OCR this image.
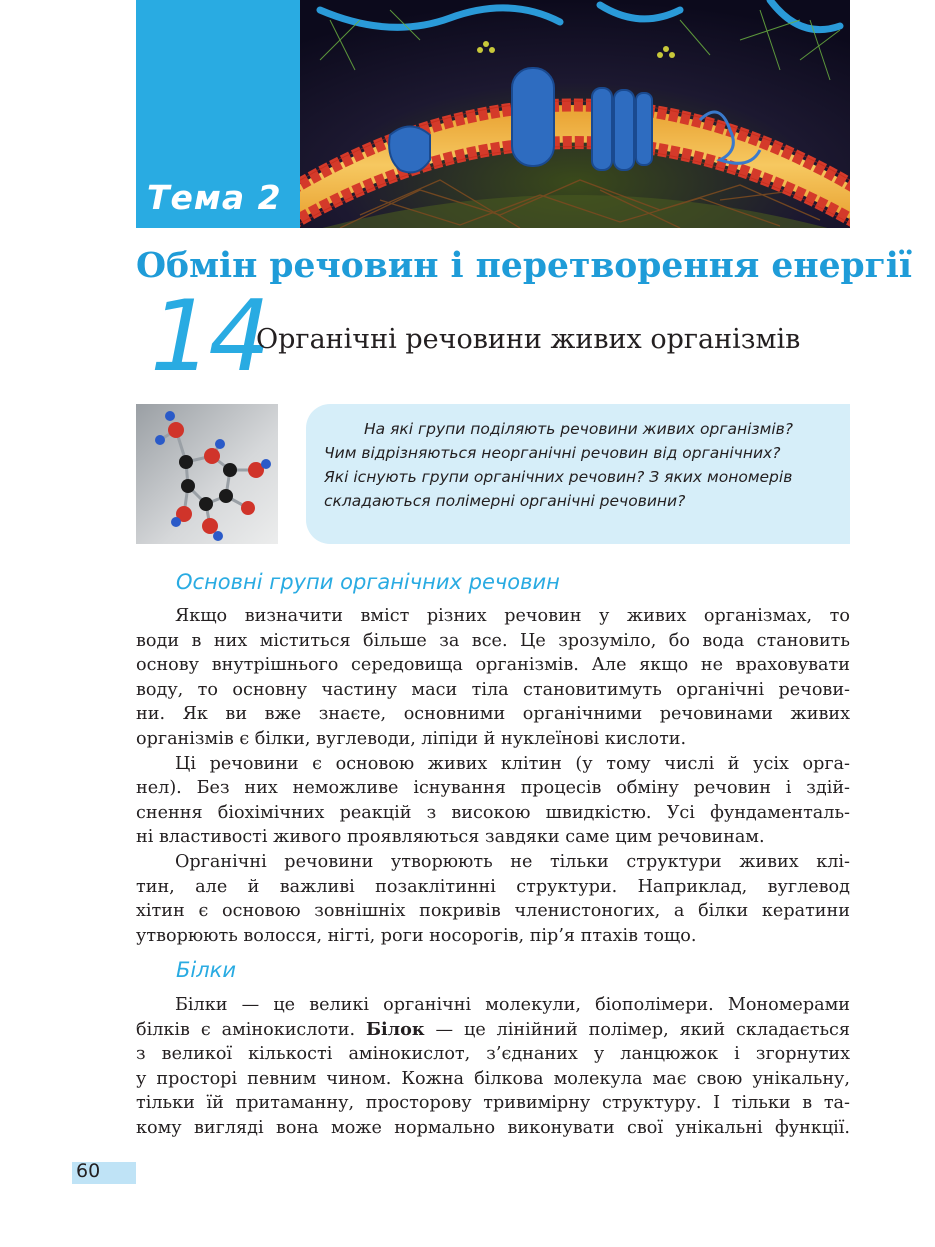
Тема 2
Обмін речовин і перетворення енергії
14
Органічні речовини живих організмів
На які групи поділяють речовини живих організмів?
Чим відрізняються неорганічні речовин від органічних?
Які існують групи органічних речовин? З яких мономерів
складаються полімерні органічні речовини?
Основні групи органічних речовин
Якщо визначити вміст різних речовин у живих організмах, то
води в них міститься більше за все. Це зрозуміло, бо вода становить
основу внутрішнього середовища організмів. Але якщо не враховувати
воду, то основну частину маси тіла становитимуть органічні речови-
ни. Як ви вже знаєте, основними органічними речовинами живих
організмів є білки, вуглеводи, ліпіди й нуклеїнові кислоти.
Ці речовини є основою живих клітин (у тому числі й усіх орга-
нел). Без них неможливе існування процесів обміну речовин і здій-
снення біохімічних реакцій з високою швидкістю. Усі фундаменталь-
ні властивості живого проявляються завдяки саме цим речовинам.
Органічні речовини утворюють не тільки структури живих клі-
тин, але й важливі позаклітинні структури. Наприклад, вуглевод
хітин є основою зовнішніх покривів членистоногих, а білки кератини
утворюють волосся, нігті, роги носорогів, пір’я птахів тощо.
Білки
Білки — це великі органічні молекули, біополімери. Мономерами
білків є амінокислоти. Білок — це лінійний полімер, який складається
з великої кількості амінокислот, з’єднаних у ланцюжок і згорнутих
у просторі певним чином. Кожна білкова молекула має свою унікальну,
тільки їй притаманну, просторову тривимірну структуру. І тільки в та-
кому вигляді вона може нормально виконувати свої унікальні функції.
60
